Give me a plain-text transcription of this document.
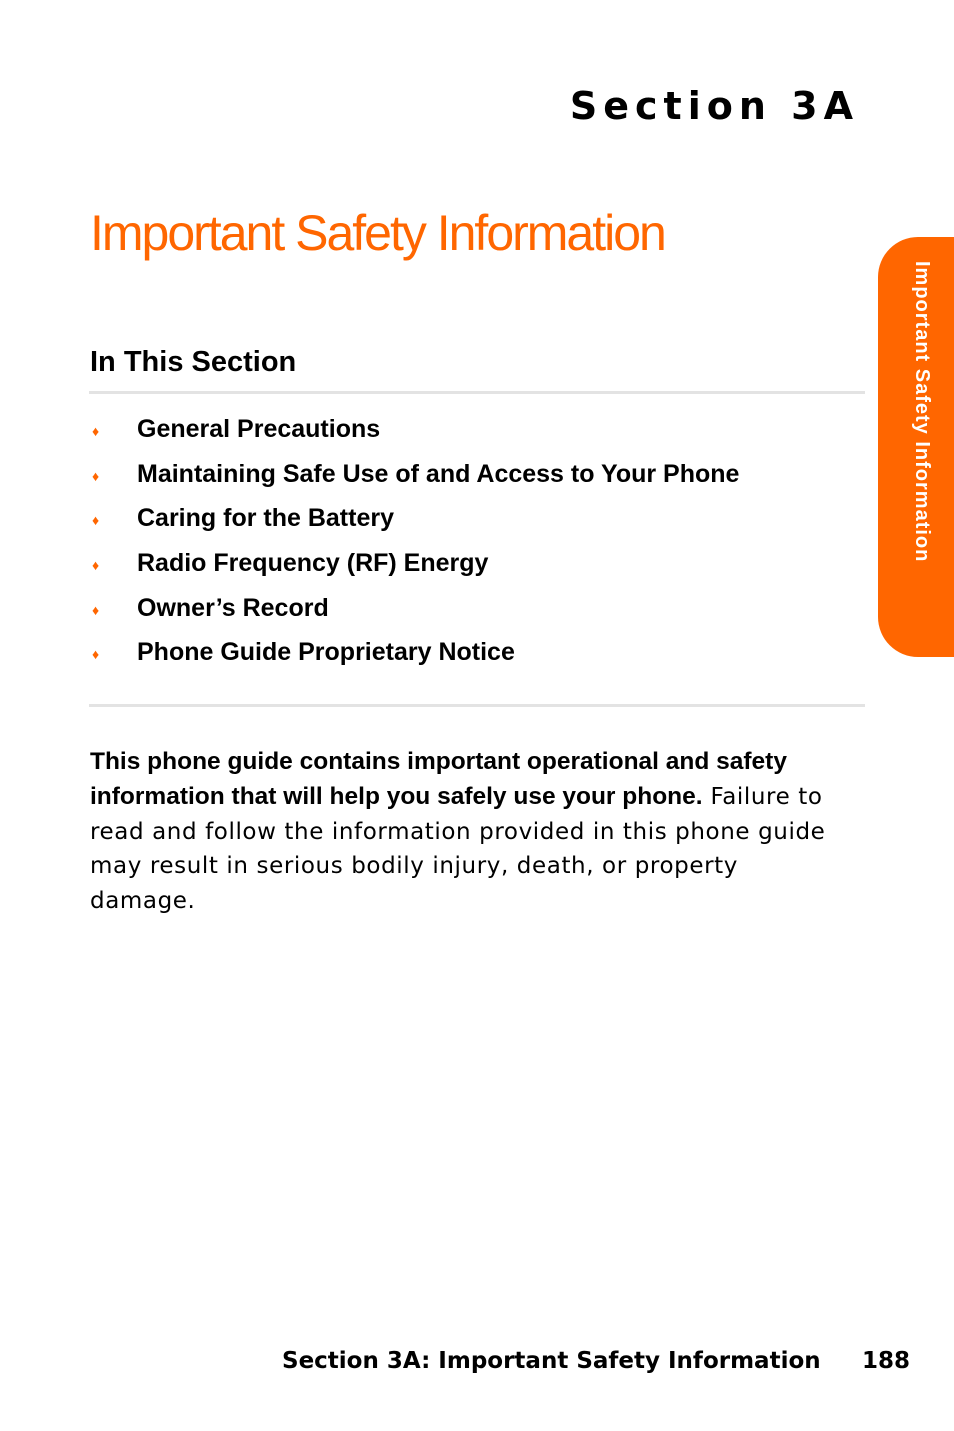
Section 3A
Important Safety Information
In This Section
♦ General Precautions
♦ Maintaining Safe Use of and Access to Your Phone
♦ Caring for the Battery
♦ Radio Frequency (RF) Energy
♦ Owner’s Record
♦ Phone Guide Proprietary Notice

This phone guide contains important operational and safety information that will help you safely use your phone. Failure to read and follow the information provided in this phone guide may result in serious bodily injury, death, or property damage.

Important Safety Information
Section 3A: Important Safety Information 188
